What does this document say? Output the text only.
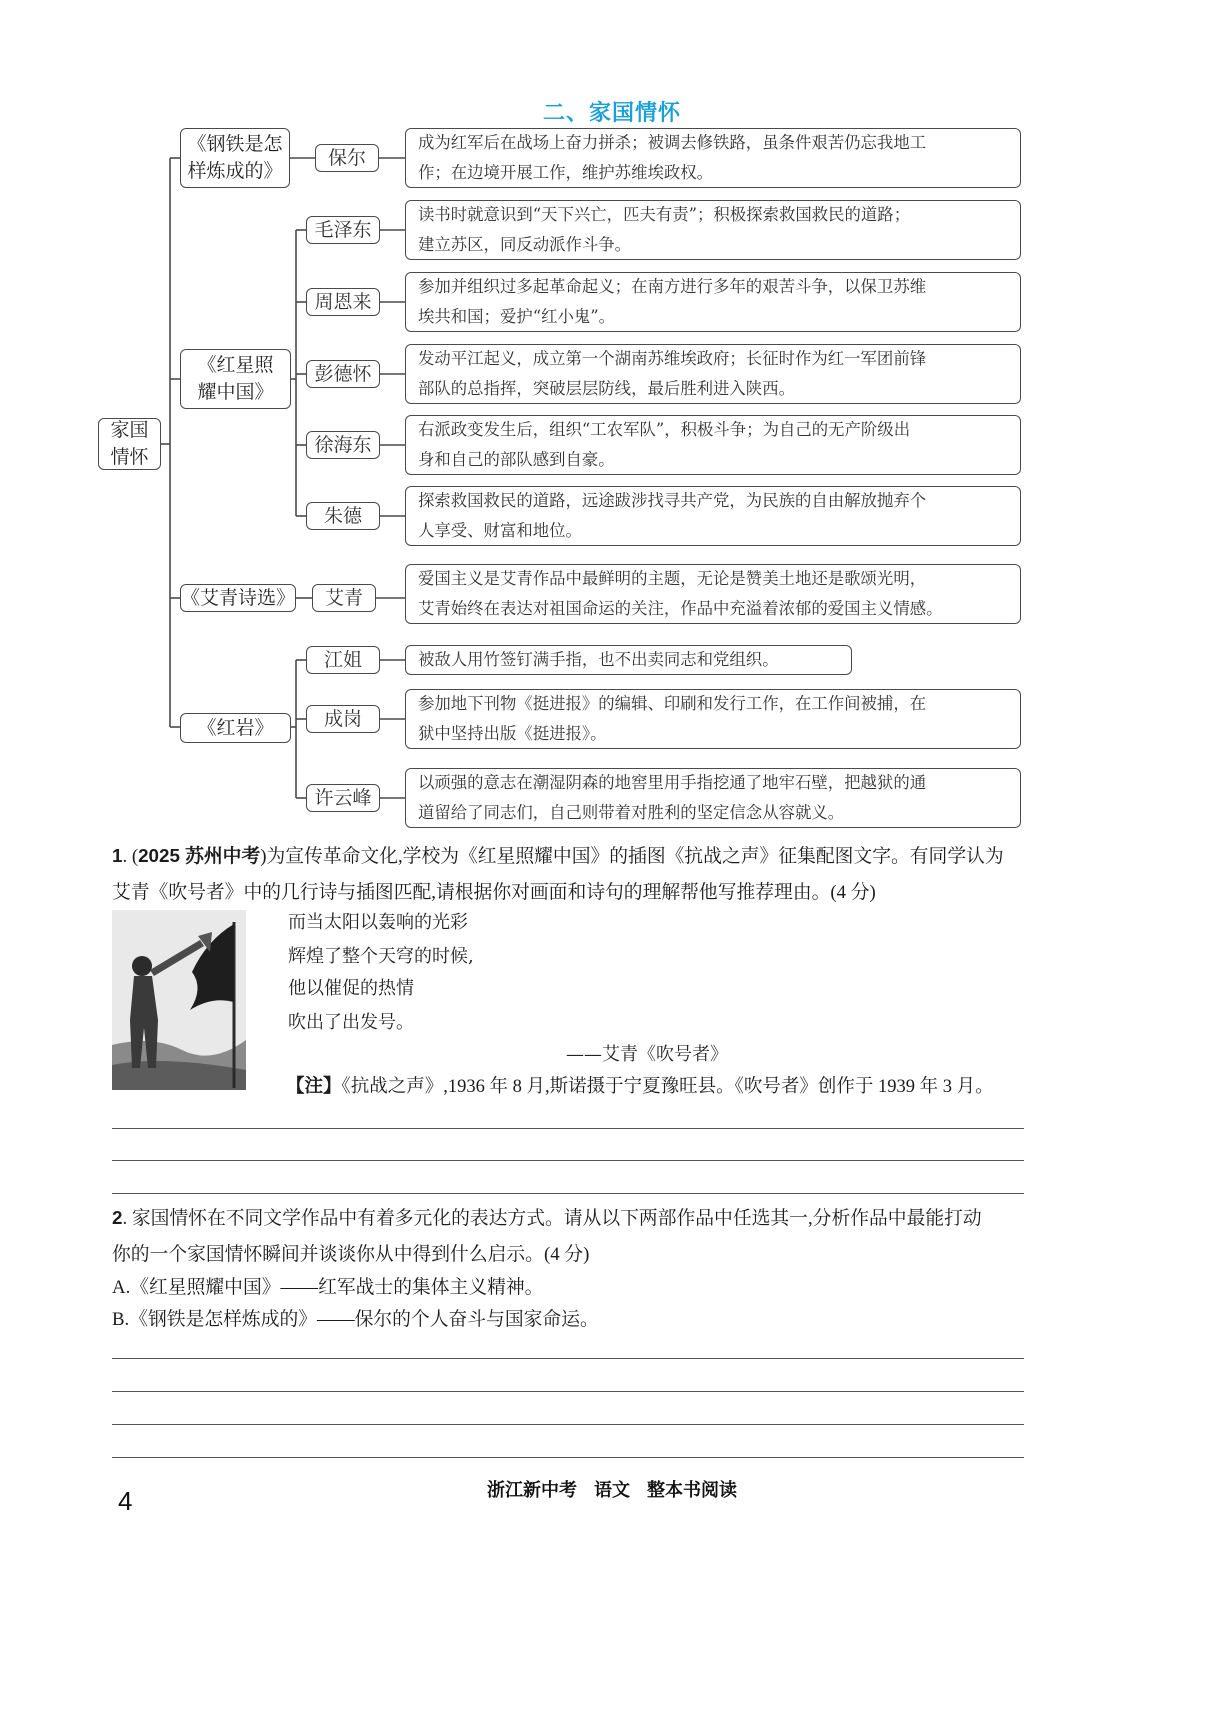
二、家国情怀
家国
情怀
《钢铁是怎
样炼成的》
《红星照
耀中国》
《艾青诗选》
《红岩》
保尔
毛泽东
周恩来
彭德怀
徐海东
朱德
艾青
江姐
成岗
许云峰
成为红军后在战场上奋力拼杀；被调去修铁路，虽条件艰苦仍忘我地工
作；在边境开展工作，维护苏维埃政权。
读书时就意识到“天下兴亡，匹夫有责”；积极探索救国救民的道路；
建立苏区，同反动派作斗争。
参加并组织过多起革命起义；在南方进行多年的艰苦斗争，以保卫苏维
埃共和国；爱护“红小鬼”。
发动平江起义，成立第一个湖南苏维埃政府；长征时作为红一军团前锋
部队的总指挥，突破层层防线，最后胜利进入陕西。
右派政变发生后，组织“工农军队”，积极斗争；为自己的无产阶级出
身和自己的部队感到自豪。
探索救国救民的道路，远途跋涉找寻共产党，为民族的自由解放抛弃个
人享受、财富和地位。
爱国主义是艾青作品中最鲜明的主题，无论是赞美土地还是歌颂光明，
艾青始终在表达对祖国命运的关注，作品中充溢着浓郁的爱国主义情感。
被敌人用竹签钉满手指，也不出卖同志和党组织。
参加地下刊物《挺进报》的编辑、印刷和发行工作，在工作间被捕，在
狱中坚持出版《挺进报》。
以顽强的意志在潮湿阴森的地窖里用手指挖通了地牢石壁，把越狱的通
道留给了同志们，自己则带着对胜利的坚定信念从容就义。
1. (2025 苏州中考)为宣传革命文化,学校为《红星照耀中国》的插图《抗战之声》征集配图文字。有同学认为
艾青《吹号者》中的几行诗与插图匹配,请根据你对画面和诗句的理解帮他写推荐理由。(4 分)
而当太阳以轰响的光彩
辉煌了整个天穹的时候,
他以催促的热情
吹出了出发号。
——艾青《吹号者》
【注】《抗战之声》,1936 年 8 月,斯诺摄于宁夏豫旺县。《吹号者》创作于 1939 年 3 月。
2. 家国情怀在不同文学作品中有着多元化的表达方式。请从以下两部作品中任选其一,分析作品中最能打动
你的一个家国情怀瞬间并谈谈你从中得到什么启示。(4 分)
A.《红星照耀中国》——红军战士的集体主义精神。
B.《钢铁是怎样炼成的》——保尔的个人奋斗与国家命运。
4	浙江新中考 语文 整本书阅读
